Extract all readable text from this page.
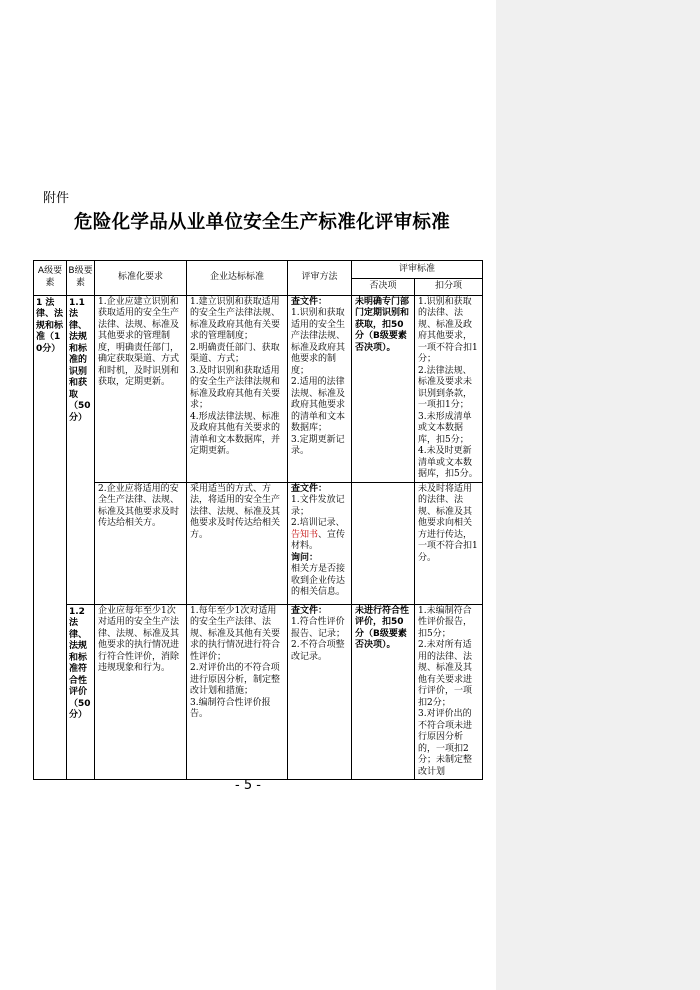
附件
危险化学品从业单位安全生产标准化评审标准
A级要素	B级要素	标准化要求	企业达标标准	评审方法	评审标准	
					否决项	扣分项
1 法律、法规和标准（10分）	1.1 法律、法规和标准的识别和获取（50分）	1.企业应建立识别和获取适用的安全生产法律、法规、标准及其他要求的管理制度，明确责任部门，确定获取渠道、方式和时机，及时识别和获取，定期更新。	1.建立识别和获取适用的安全生产法律法规、标准及政府其他有关要求的管理制度；
2.明确责任部门、获取渠道、方式；
3.及时识别和获取适用的安全生产法律法规和标准及政府其他有关要求；
4.形成法律法规、标准及政府其他有关要求的清单和文本数据库，并定期更新。	查文件：
1.识别和获取适用的安全生产法律法规、标准及政府其他要求的制度；
2.适用的法律法规、标准及政府其他要求的清单和文本数据库；
3.定期更新记录。	未明确专门部门定期识别和获取，扣50分（B级要素否决项）。	1.识别和获取的法律、法规、标准及政府其他要求，一项不符合扣1分；
2.法律法规、标准及要求未识别到条款，一项扣1分；
3.未形成清单或文本数据库，扣5分；
4.未及时更新清单或文本数据库，扣5分。

		2.企业应将适用的安全生产法律、法规、标准及其他要求及时传达给相关方。	采用适当的方式、方法，将适用的安全生产法律、法规、标准及其他要求及时传达给相关方。	查文件：
1.文件发放记录；
2.培训记录、告知书、宣传材料。
询问：
相关方是否接收到企业传达的相关信息。		未及时将适用的法律、法规、标准及其他要求向相关方进行传达，一项不符合扣1分。
	1.2 法律、法规和标准符合性评价（50分）	企业应每年至少1次对适用的安全生产法律、法规、标准及其他要求的执行情况进行符合性评价，消除违规现象和行为。	1.每年至少1次对适用的安全生产法律、法规、标准及其他有关要求的执行情况进行符合性评价；
2.对评价出的不符合项进行原因分析，制定整改计划和措施；
3.编制符合性评价报告。	查文件：
1.符合性评价报告、记录；
2.不符合项整改记录。	未进行符合性评价，扣50分（B级要素否决项）。	1.未编制符合性评价报告，扣5分；
2.未对所有适用的法律、法规、标准及其他有关要求进行评价，一项扣2分；
3.对评价出的不符合项未进行原因分析的，一项扣2分；未制定整改计划
- 5 -
